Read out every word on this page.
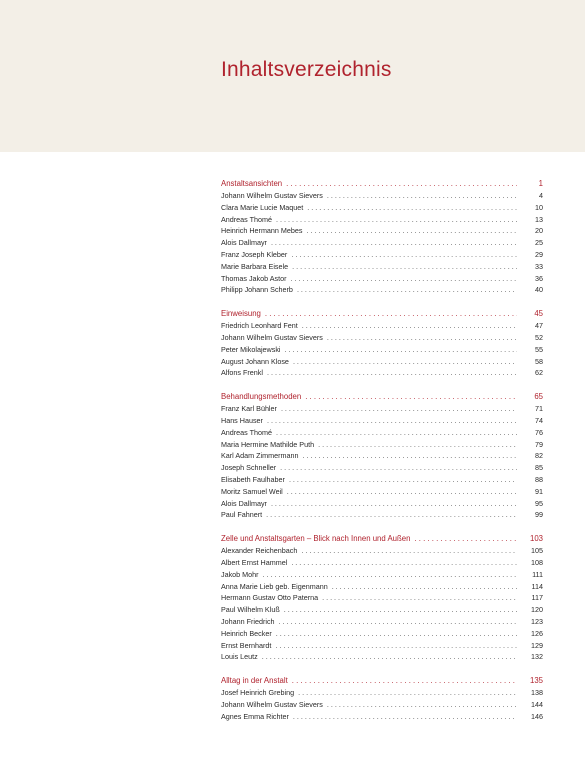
Inhaltsverzeichnis
Anstaltsansichten . . .	1
Johann Wilhelm Gustav Sievers . . .	4
Clara Marie Lucie Maquet . . .	10
Andreas Thomé . . .	13
Heinrich Hermann Mebes . . .	20
Alois Dallmayr . . .	25
Franz Joseph Kleber . . .	29
Marie Barbara Eisele . . .	33
Thomas Jakob Astor . . .	36
Philipp Johann Scherb . . .	40
Einweisung . . .	45
Friedrich Leonhard Fent . . .	47
Johann Wilhelm Gustav Sievers . . .	52
Peter Mikolajewski . . .	55
August Johann Klose . . .	58
Alfons Frenkl . . .	62
Behandlungsmethoden . . .	65
Franz Karl Bühler . . .	71
Hans Hauser . . .	74
Andreas Thomé . . .	76
Maria Hermine Mathilde Puth . . .	79
Karl Adam Zimmermann . . .	82
Joseph Schneller . . .	85
Elisabeth Faulhaber . . .	88
Moritz Samuel Weil . . .	91
Alois Dallmayr . . .	95
Paul Fahnert . . .	99
Zelle und Anstaltsgarten – Blick nach Innen und Außen . . .	103
Alexander Reichenbach . . .	105
Albert Ernst Hammel . . .	108
Jakob Mohr . . .	111
Anna Marie Lieb geb. Eigenmann . . .	114
Hermann Gustav Otto Paterna . . .	117
Paul Wilhelm Kluß . . .	120
Johann Friedrich . . .	123
Heinrich Becker . . .	126
Ernst Bernhardt . . .	129
Louis Leutz . . .	132
Alltag in der Anstalt . . .	135
Josef Heinrich Grebing . . .	138
Johann Wilhelm Gustav Sievers . . .	144
Agnes Emma Richter . . .	146
